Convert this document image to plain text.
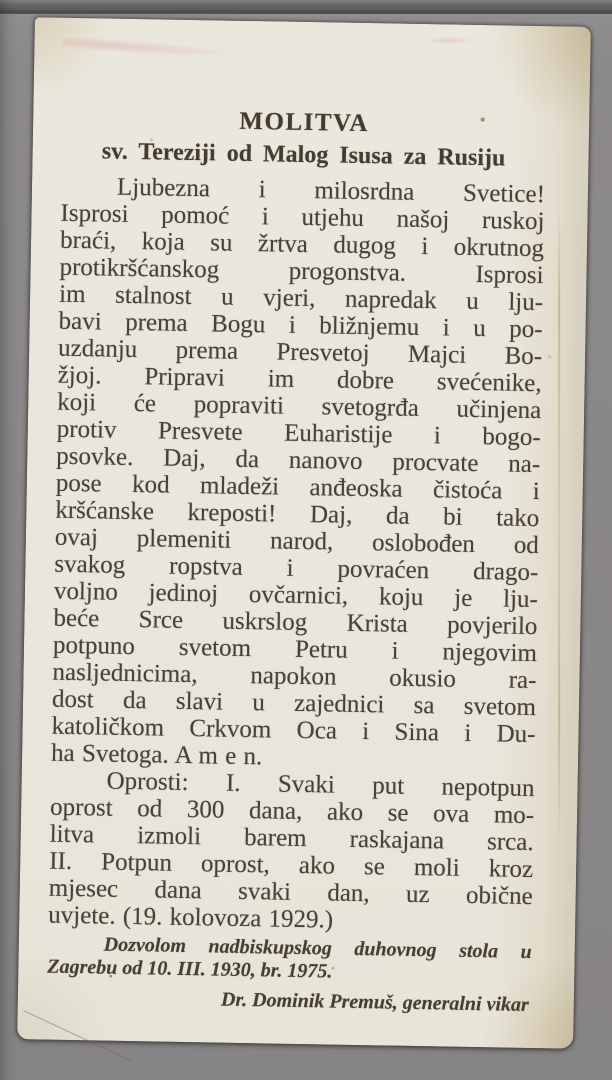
MOLITVA
sv. Tereziji od Malog Isusa za Rusiju
Ljubezna i milosrdna Svetice!
Isprosi pomoć i utjehu našoj ruskoj
braći, koja su žrtva dugog i okrutnog
protikršćanskog progonstva. Isprosi
im stalnost u vjeri, napredak u lju-
bavi prema Bogu i bližnjemu i u po-
uzdanju prema Presvetoj Majci Bo-
žjoj. Pripravi im dobre svećenike,
koji će popraviti svetogrđa učinjena
protiv Presvete Euharistije i bogo-
psovke. Daj, da nanovo procvate na-
pose kod mladeži anđeoska čistoća i
kršćanske kreposti! Daj, da bi tako
ovaj plemeniti narod, oslobođen od
svakog ropstva i povraćen drago-
voljno jedinoj ovčarnici, koju je lju-
beće Srce uskrslog Krista povjerilo
potpuno svetom Petru i njegovim
nasljednicima, napokon okusio ra-
dost da slavi u zajednici sa svetom
katoličkom Crkvom Oca i Sina i Du-
ha Svetoga. A m e n.
Oprosti: I. Svaki put nepotpun
oprost od 300 dana, ako se ova mo-
litva izmoli barem raskajana srca.
II. Potpun oprost, ako se moli kroz
mjesec dana svaki dan, uz obične
uvjete. (19. kolovoza 1929.)
Dozvolom nadbiskupskog duhovnog stola u
Zagrebu od 10. III. 1930, br. 1975.
Dr. Dominik Premuš, generalni vikar
